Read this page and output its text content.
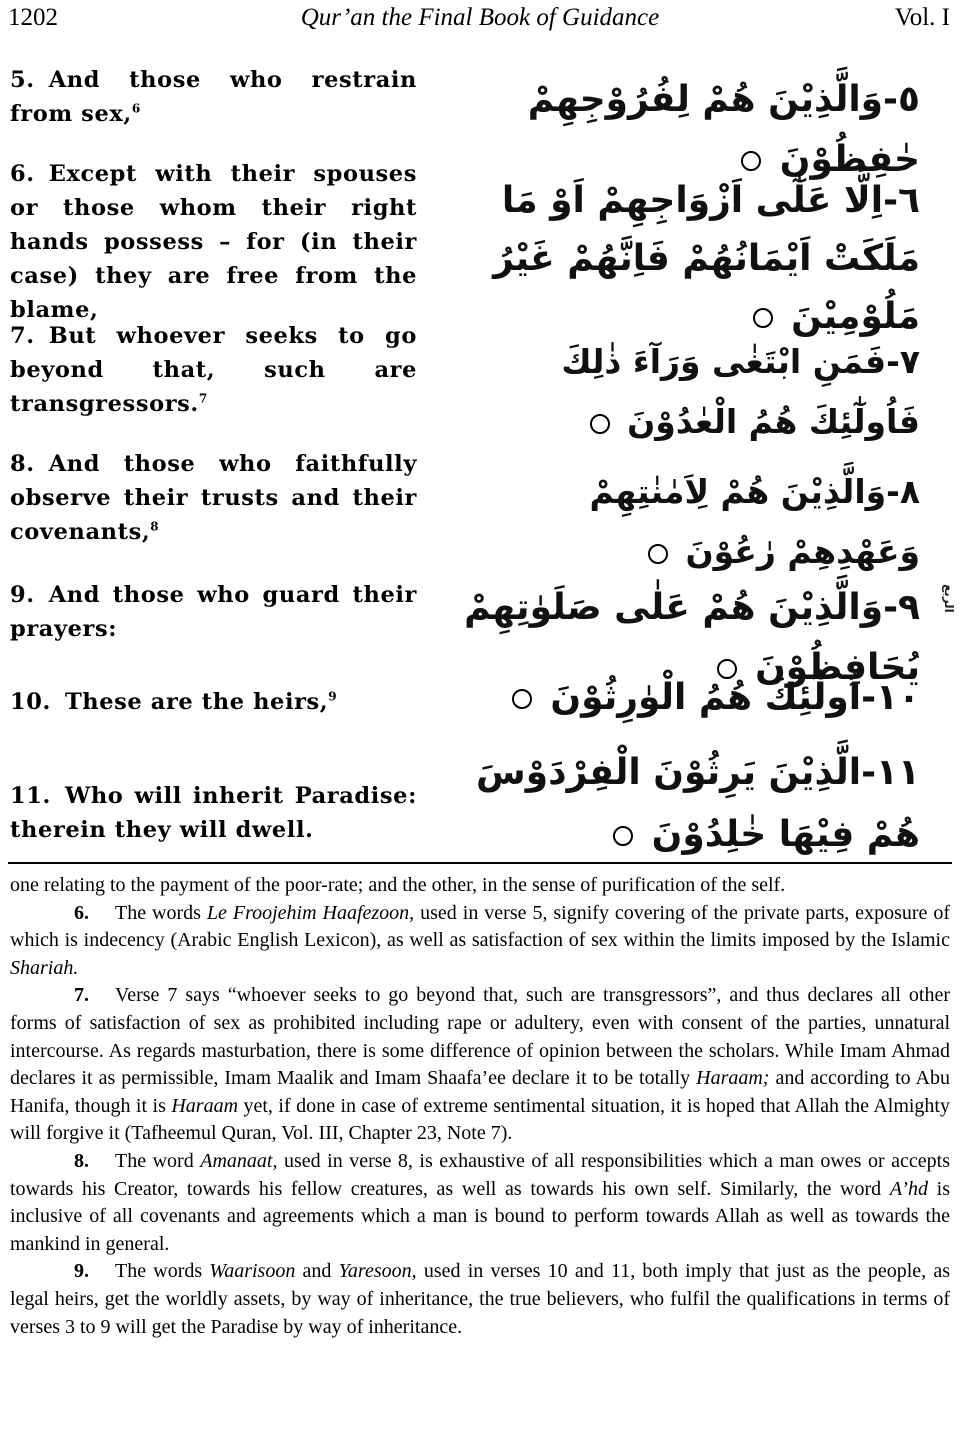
1202	Qur’an the Final Book of Guidance	Vol. I
5. And those who restrain from sex,$^6$	٥-وَالَّذِيْنَ هُمْ لِفُرُوْجِهِمْ حٰفِظُوْنَ
6. Except with their spouses or those whom their right hands possess – for (in their case) they are free from the blame,
٦-اِلَّا عَلٰٓى اَزْوَاجِهِمْ اَوْ مَا مَلَكَتْ اَيْمَانُهُمْ فَاِنَّهُمْ غَيْرُ مَلُوْمِيْنَ
7. But whoever seeks to go beyond that, such are transgressors.$^7$
٧-فَمَنِ ابْتَغٰى وَرَآءَ ذٰلِكَ فَاُولٰٓئِكَ هُمُ الْعٰدُوْنَ
8. And those who faithfully observe their trusts and their covenants,$^8$
٨-وَالَّذِيْنَ هُمْ لِاَمٰنٰتِهِمْ وَعَهْدِهِمْ رٰعُوْنَ
9. And those who guard their prayers:
٩-وَالَّذِيْنَ هُمْ عَلٰى صَلَوٰتِهِمْ يُحَافِظُوْنَ
الربع
10. These are the heirs,$^9$	١٠-اُولٰٓئِكَ هُمُ الْوٰرِثُوْنَ
11. Who will inherit Paradise: therein they will dwell.
١١-الَّذِيْنَ يَرِثُوْنَ الْفِرْدَوْسَ هُمْ فِيْهَا خٰلِدُوْنَ

one relating to the payment of the poor-rate; and the other, in the sense of purification of the self.

6. The words Le Froojehim Haafezoon, used in verse 5, signify covering of the private parts, exposure of which is indecency (Arabic English Lexicon), as well as satisfaction of sex within the limits imposed by the Islamic Shariah.

7. Verse 7 says “whoever seeks to go beyond that, such are transgressors”, and thus declares all other forms of satisfaction of sex as prohibited including rape or adultery, even with consent of the parties, unnatural intercourse. As regards masturbation, there is some difference of opinion between the scholars. While Imam Ahmad declares it as permissible, Imam Maalik and Imam Shaafa’ee declare it to be totally Haraam; and according to Abu Hanifa, though it is Haraam yet, if done in case of extreme sentimental situation, it is hoped that Allah the Almighty will forgive it (Tafheemul Quran, Vol. III, Chapter 23, Note 7).

8. The word Amanaat, used in verse 8, is exhaustive of all responsibilities which a man owes or accepts towards his Creator, towards his fellow creatures, as well as towards his own self. Similarly, the word A’hd is inclusive of all covenants and agreements which a man is bound to perform towards Allah as well as towards the mankind in general.

9. The words Waarisoon and Yaresoon, used in verses 10 and 11, both imply that just as the people, as legal heirs, get the worldly assets, by way of inheritance, the true believers, who fulfil the qualifications in terms of verses 3 to 9 will get the Paradise by way of inheritance.
